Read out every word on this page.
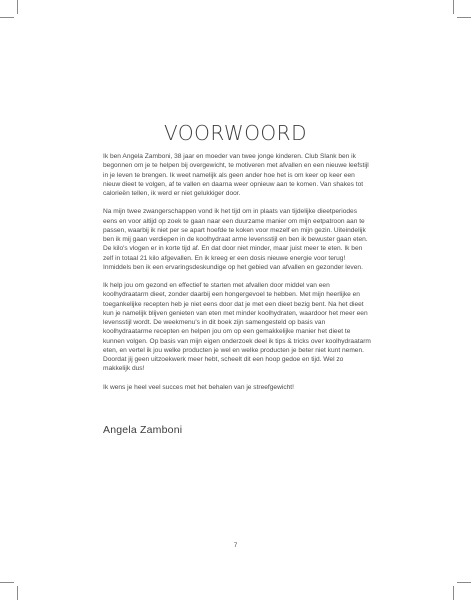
VOORWOORD

Ik ben Angela Zamboni, 38 jaar en moeder van twee jonge kinderen. Club Slank ben ik begonnen om je te helpen bij overgewicht, te motiveren met afvallen en een nieuwe leefstijl in je leven te brengen. Ik weet namelijk als geen ander hoe het is om keer op keer een nieuw dieet te volgen, af te vallen en daarna weer opnieuw aan te komen. Van shakes tot calorieën tellen, ik werd er niet gelukkiger door.

Na mijn twee zwangerschappen vond ik het tijd om in plaats van tijdelijke dieetperiodes eens en voor altijd op zoek te gaan naar een duurzame manier om mijn eetpatroon aan te passen, waarbij ik niet per se apart hoefde te koken voor mezelf en mijn gezin. Uiteindelijk ben ik mij gaan verdiepen in de koolhydraat arme levensstijl en ben ik bewuster gaan eten. De kilo's vlogen er in korte tijd af. En dat door niet minder, maar juist meer te eten. Ik ben zelf in totaal 21 kilo afgevallen. En ik kreeg er een dosis nieuwe energie voor terug! Inmiddels ben ik een ervaringsdeskundige op het gebied van afvallen en gezonder leven.

Ik help jou om gezond en effectief te starten met afvallen door middel van een koolhydraatarm dieet, zonder daarbij een hongergevoel te hebben. Met mijn heerlijke en toegankelijke recepten heb je niet eens door dat je met een dieet bezig bent. Na het dieet kun je namelijk blijven genieten van eten met minder koolhydraten, waardoor het meer een levensstijl wordt. De weekmenu's in dit boek zijn samengesteld op basis van koolhydraatarme recepten en helpen jou om op een gemakkelijke manier het dieet te kunnen volgen. Op basis van mijn eigen onderzoek deel ik tips & tricks over koolhydraatarm eten, en vertel ik jou welke producten je wel en welke producten je beter niet kunt nemen. Doordat jij geen uitzoekwerk meer hebt, scheelt dit een hoop gedoe en tijd. Wel zo makkelijk dus!

Ik wens je heel veel succes met het behalen van je streefgewicht!

Angela Zamboni
7
